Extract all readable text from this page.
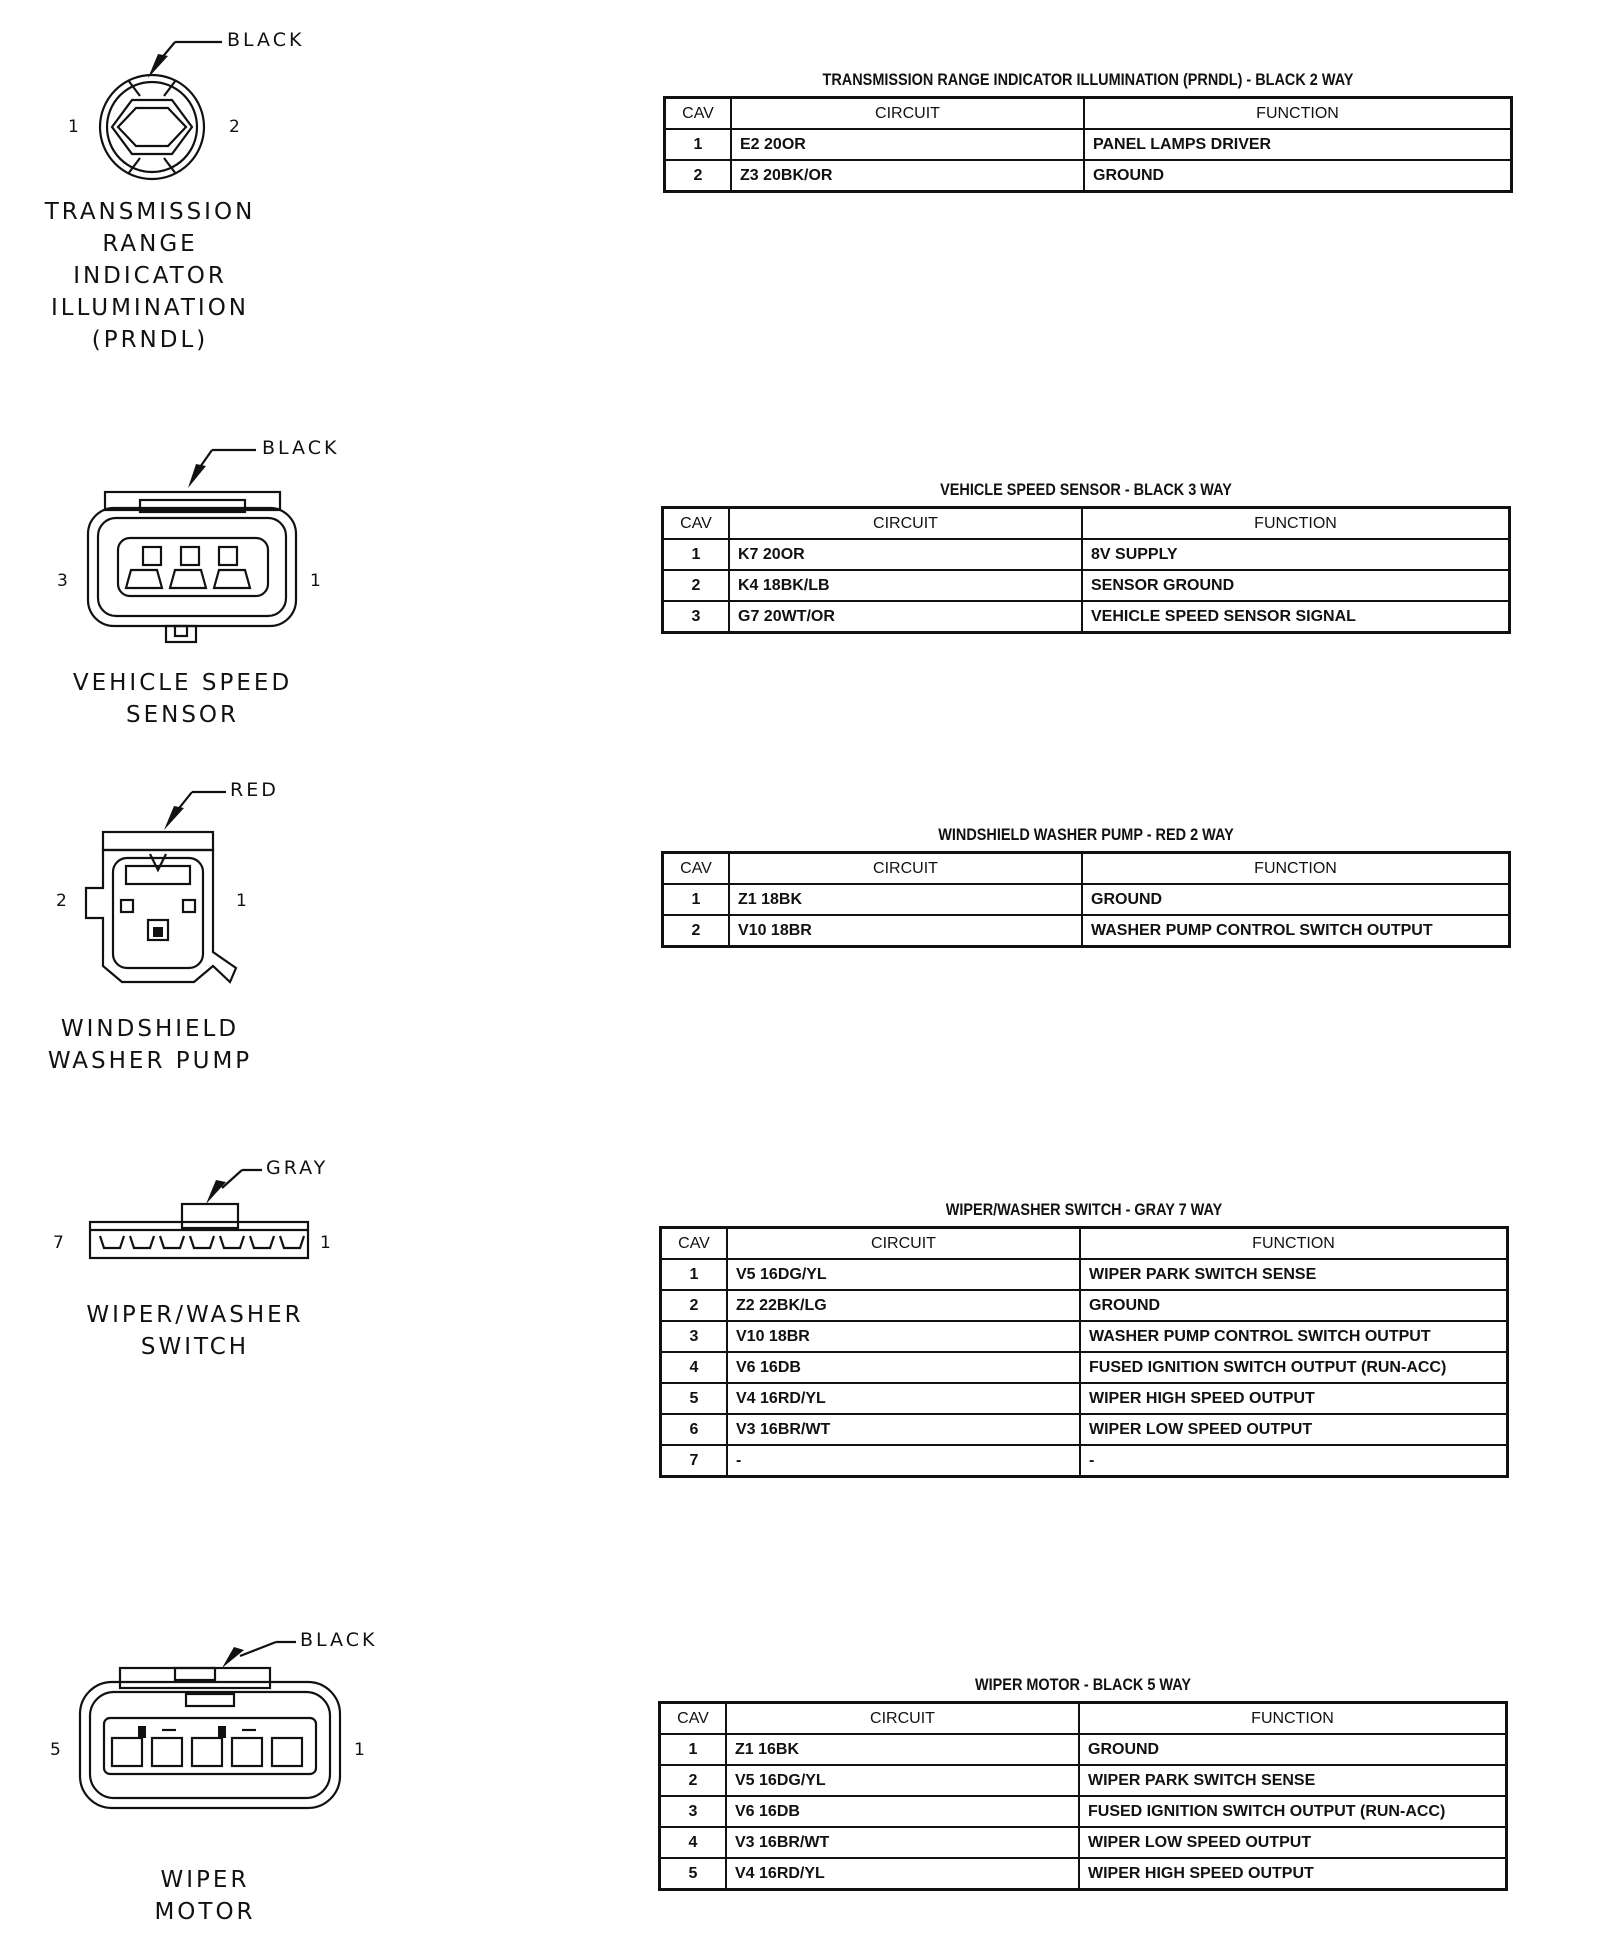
BLACK
1	2
TRANSMISSION
RANGE
INDICATOR
ILLUMINATION
(PRNDL)
TRANSMISSION RANGE INDICATOR ILLUMINATION (PRNDL) - BLACK 2 WAY
CAV	CIRCUIT	FUNCTION
1	E2 20OR	PANEL LAMPS DRIVER
2	Z3 20BK/OR	GROUND
BLACK
3	1
VEHICLE SPEED
SENSOR
VEHICLE SPEED SENSOR - BLACK 3 WAY
CAV	CIRCUIT	FUNCTION
1	K7 20OR	8V SUPPLY
2	K4 18BK/LB	SENSOR GROUND
3	G7 20WT/OR	VEHICLE SPEED SENSOR SIGNAL
RED
2	1
WINDSHIELD
WASHER PUMP
WINDSHIELD WASHER PUMP - RED 2 WAY
CAV	CIRCUIT	FUNCTION
1	Z1 18BK	GROUND
2	V10 18BR	WASHER PUMP CONTROL SWITCH OUTPUT
GRAY
7	1
WIPER/WASHER
SWITCH
WIPER/WASHER SWITCH - GRAY 7 WAY
CAV	CIRCUIT	FUNCTION
1	V5 16DG/YL	WIPER PARK SWITCH SENSE
2	Z2 22BK/LG	GROUND
3	V10 18BR	WASHER PUMP CONTROL SWITCH OUTPUT
4	V6 16DB	FUSED IGNITION SWITCH OUTPUT (RUN-ACC)
5	V4 16RD/YL	WIPER HIGH SPEED OUTPUT
6	V3 16BR/WT	WIPER LOW SPEED OUTPUT
7	-	-
BLACK
5	1
WIPER
MOTOR
WIPER MOTOR - BLACK 5 WAY
CAV	CIRCUIT	FUNCTION
1	Z1 16BK	GROUND
2	V5 16DG/YL	WIPER PARK SWITCH SENSE
3	V6 16DB	FUSED IGNITION SWITCH OUTPUT (RUN-ACC)
4	V3 16BR/WT	WIPER LOW SPEED OUTPUT
5	V4 16RD/YL	WIPER HIGH SPEED OUTPUT
